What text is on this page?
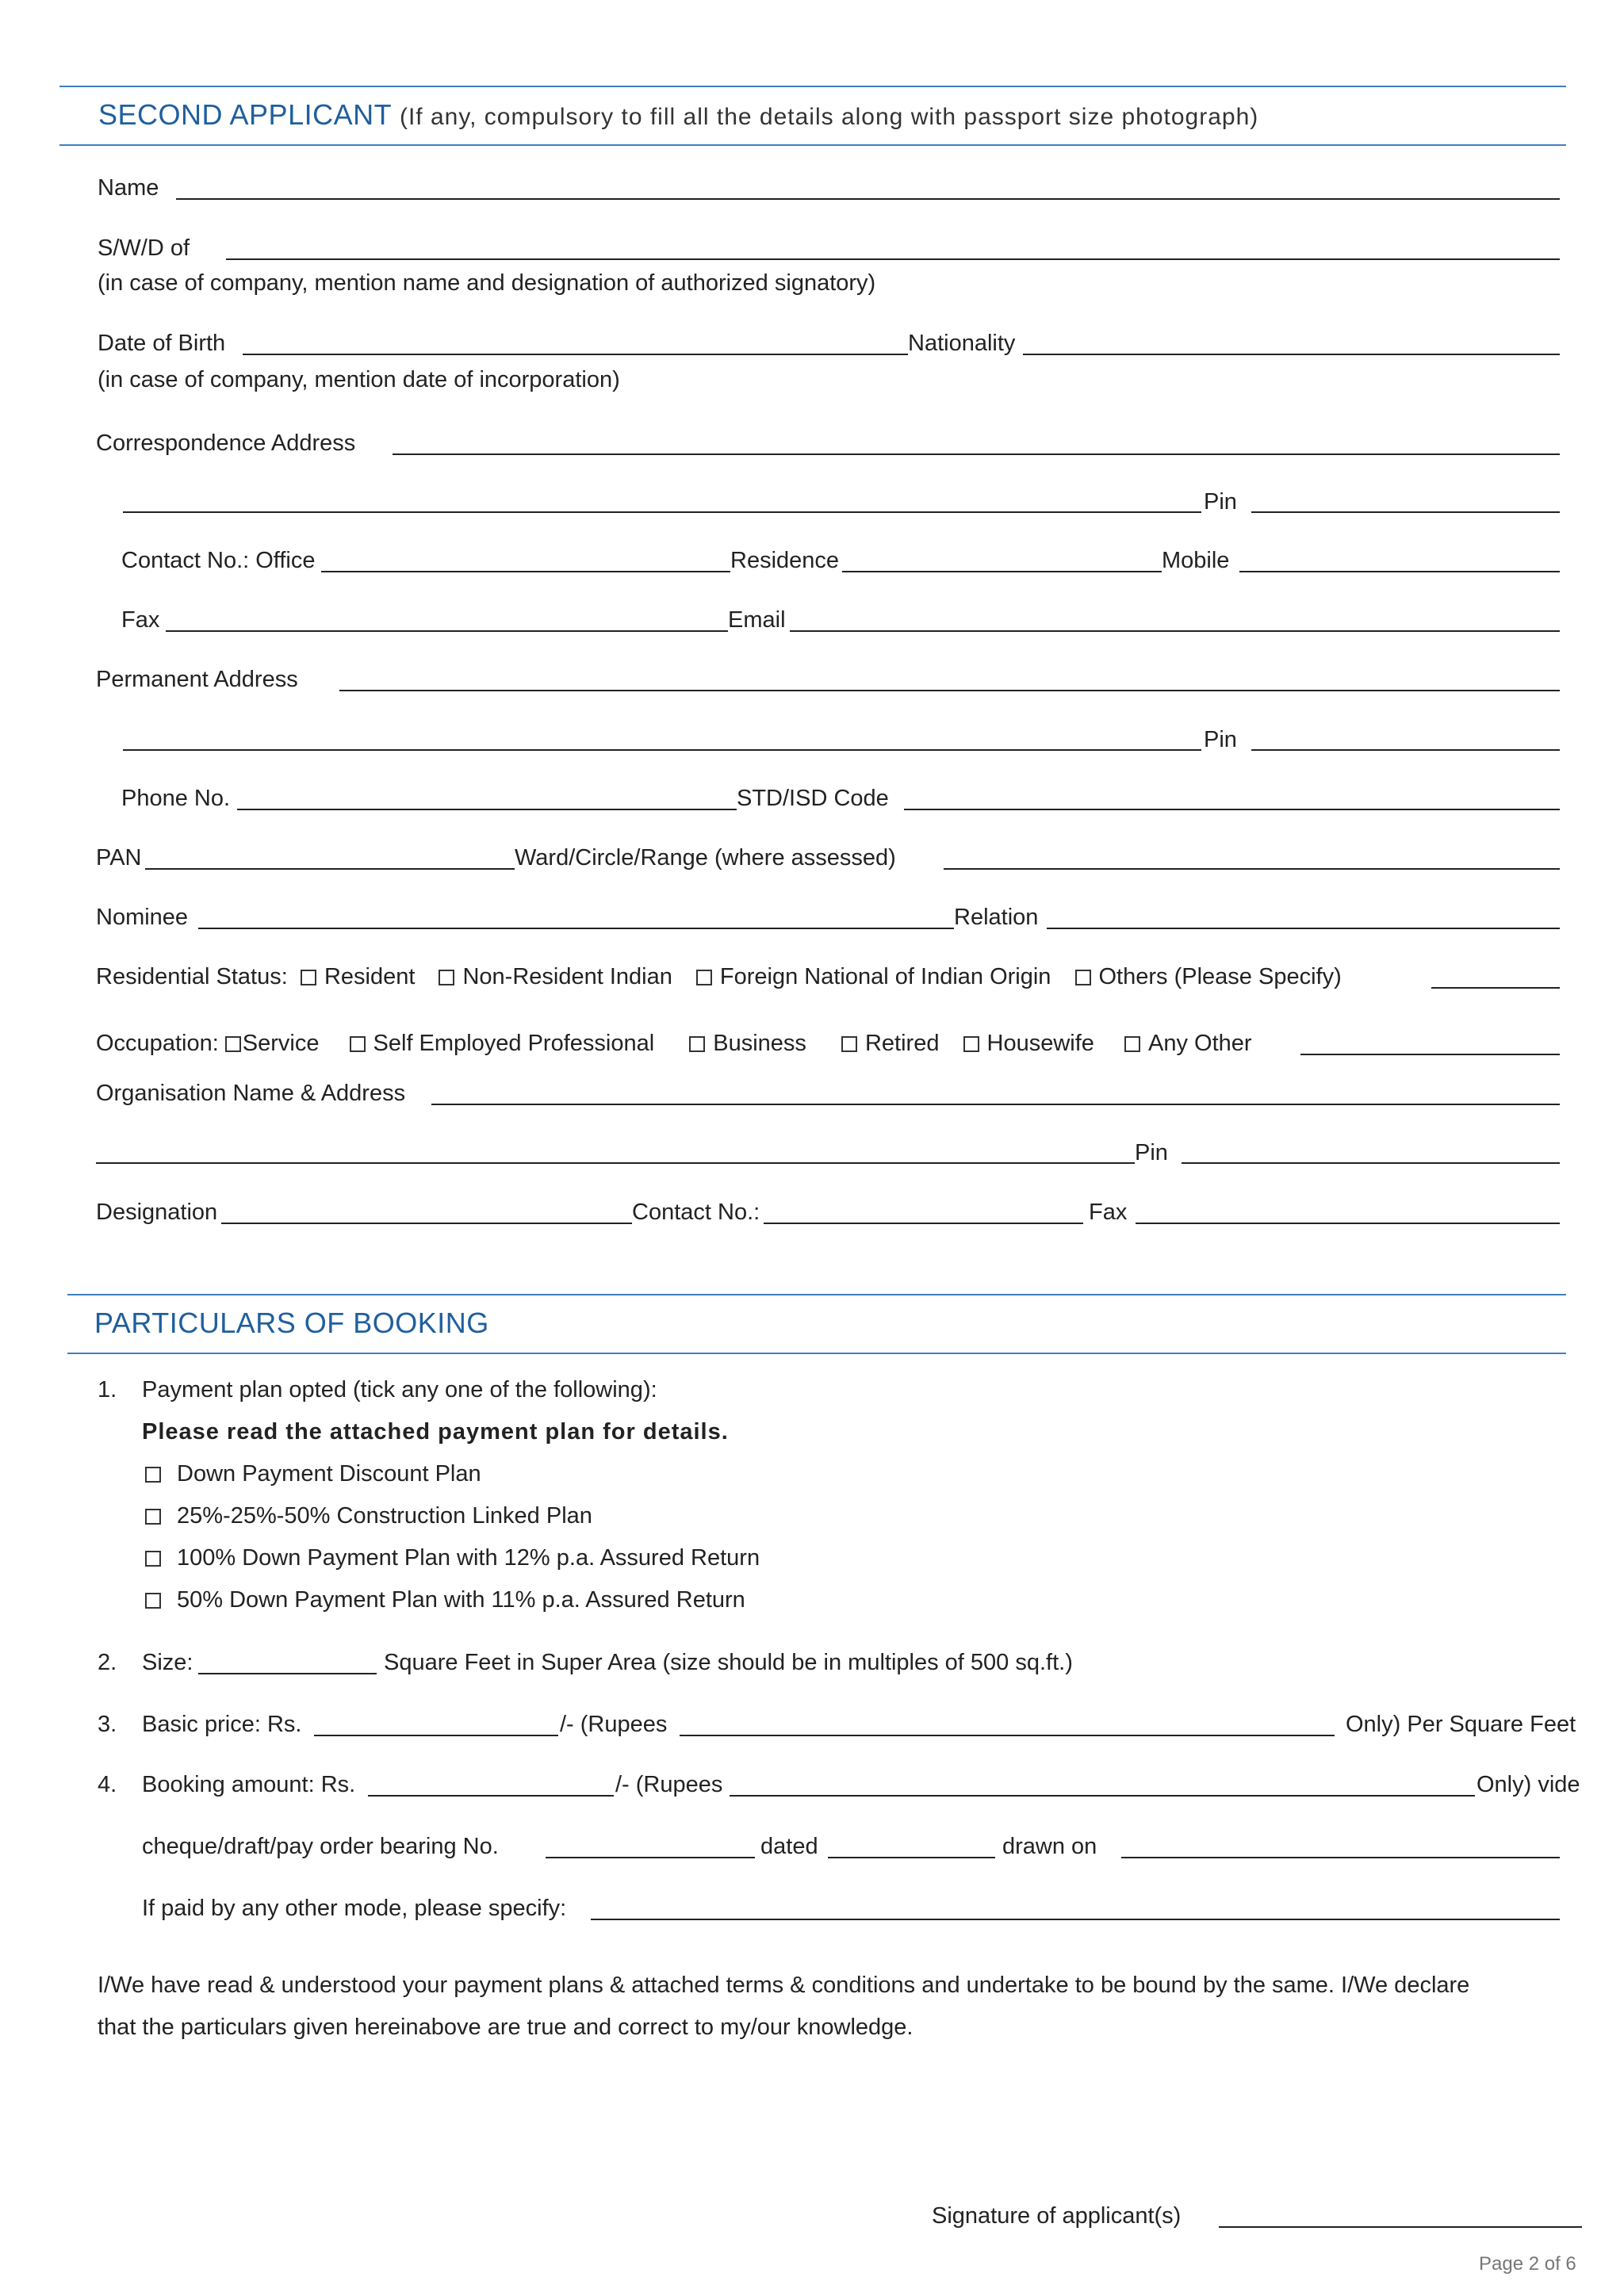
SECOND APPLICANT (If any, compulsory to fill all the details along with passport size photograph)
Name
S/W/D of
(in case of company, mention name and designation of authorized signatory)
Date of Birth	Nationality
(in case of company, mention date of incorporation)
Correspondence Address
Pin
Contact No.: Office	Residence	Mobile
Fax	Email
Permanent Address
Pin
Phone No.	STD/ISD Code
PAN	Ward/Circle/Range (where assessed)
Nominee	Relation
Residential Status: Resident Non-Resident Indian Foreign National of Indian Origin Others (Please Specify)
Occupation: Service Self Employed Professional	Business	Retired Housewife Any Other
Organisation Name & Address
Pin
Designation	Contact No.:	Fax
PARTICULARS OF BOOKING
1. Payment plan opted (tick any one of the following):
Please read the attached payment plan for details.
Down Payment Discount Plan
25%-25%-50% Construction Linked Plan
100% Down Payment Plan with 12% p.a. Assured Return
50% Down Payment Plan with 11% p.a. Assured Return
2. Size:	Square Feet in Super Area (size should be in multiples of 500 sq.ft.)
3. Basic price: Rs.	/- (Rupees	Only) Per Square Feet
4. Booking amount: Rs.	/- (Rupees	Only) vide
cheque/draft/pay order bearing No.	dated	drawn on
If paid by any other mode, please specify:
I/We have read & understood your payment plans & attached terms & conditions and undertake to be bound by the same. I/We declare
that the particulars given hereinabove are true and correct to my/our knowledge.
Signature of applicant(s)
Page 2 of 6
